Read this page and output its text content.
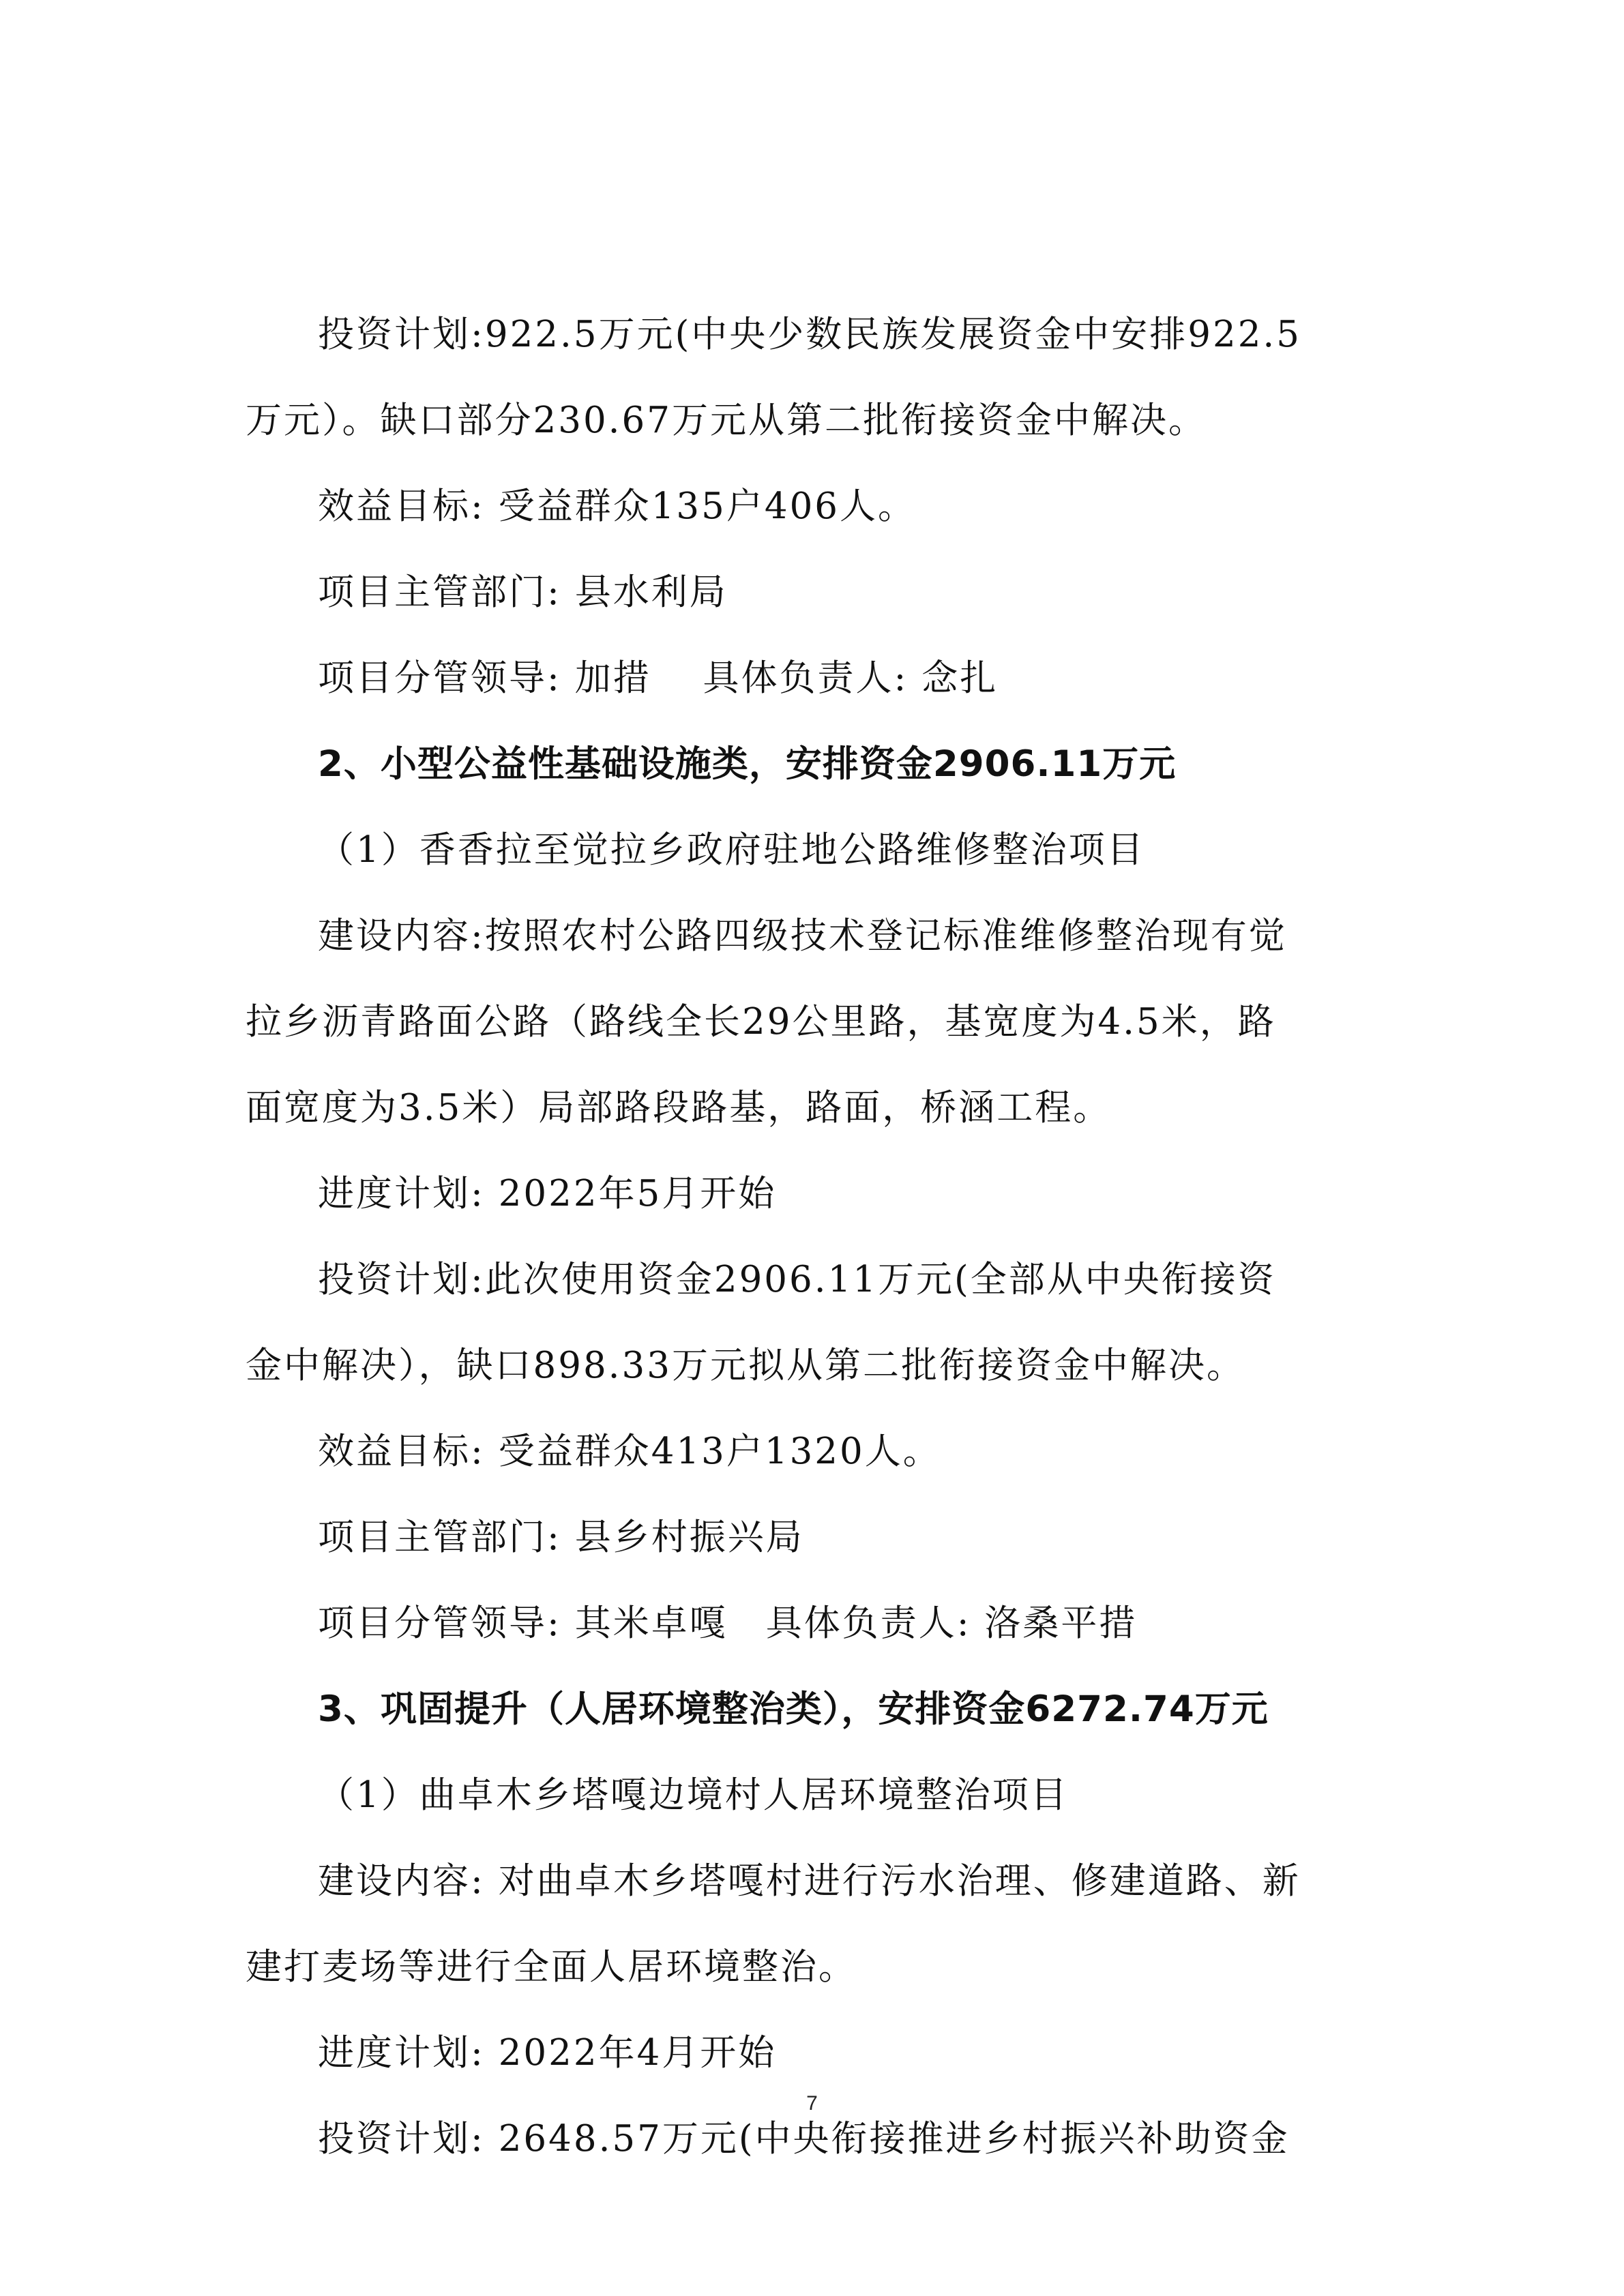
投资计划:922.5万元(中央少数民族发展资金中安排922.5
万元）。缺口部分230.67万元从第二批衔接资金中解决。
效益目标: 受益群众135户406人。
项目主管部门: 县水利局
项目分管领导: 加措　 具体负责人: 念扎
2、小型公益性基础设施类，安排资金2906.11万元
（1）香香拉至觉拉乡政府驻地公路维修整治项目
建设内容:按照农村公路四级技术登记标准维修整治现有觉
拉乡沥青路面公路（路线全长29公里路，基宽度为4.5米，路
面宽度为3.5米）局部路段路基，路面，桥涵工程。
进度计划: 2022年5月开始
投资计划:此次使用资金2906.11万元(全部从中央衔接资
金中解决），缺口898.33万元拟从第二批衔接资金中解决。
效益目标: 受益群众413户1320人。
项目主管部门: 县乡村振兴局
项目分管领导: 其米卓嘎　具体负责人: 洛桑平措
3、巩固提升（人居环境整治类），安排资金6272.74万元
（1）曲卓木乡塔嘎边境村人居环境整治项目
建设内容: 对曲卓木乡塔嘎村进行污水治理、修建道路、新
建打麦场等进行全面人居环境整治。
进度计划: 2022年4月开始
投资计划: 2648.57万元(中央衔接推进乡村振兴补助资金
7
